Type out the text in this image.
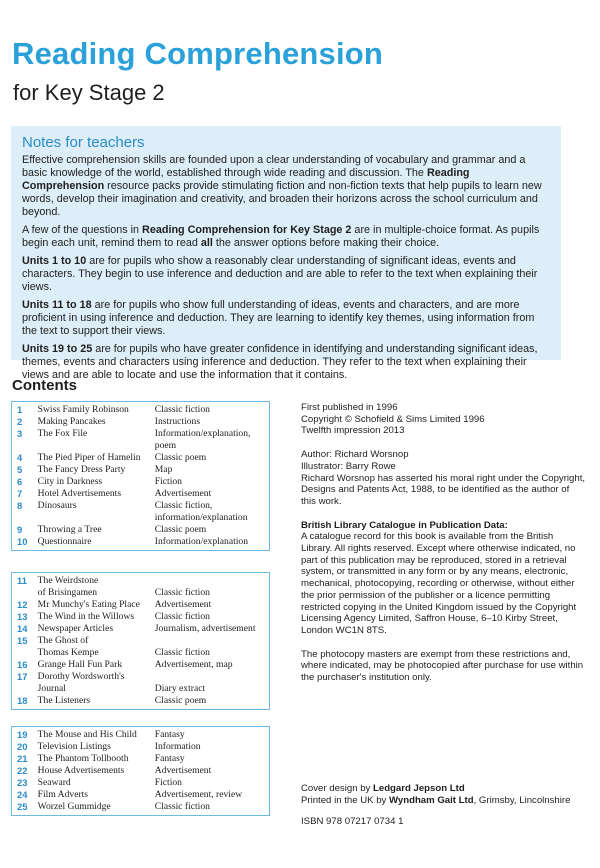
Reading Comprehension
for Key Stage 2
Notes for teachers

Effective comprehension skills are founded upon a clear understanding of vocabulary and grammar and a basic knowledge of the world, established through wide reading and discussion. The Reading Comprehension resource packs provide stimulating fiction and non-fiction texts that help pupils to learn new words, develop their imagination and creativity, and broaden their horizons across the school curriculum and beyond.

A few of the questions in Reading Comprehension for Key Stage 2 are in multiple-choice format. As pupils begin each unit, remind them to read all the answer options before making their choice.

Units 1 to 10 are for pupils who show a reasonably clear understanding of significant ideas, events and characters. They begin to use inference and deduction and are able to refer to the text when explaining their views.

Units 11 to 18 are for pupils who show full understanding of ideas, events and characters, and are more proficient in using inference and deduction. They are learning to identify key themes, using information from the text to support their views.

Units 19 to 25 are for pupils who have greater confidence in identifying and understanding significant ideas, themes, events and characters using inference and deduction. They refer to the text when explaining their views and are able to locate and use the information that it contains.

Contents
1	Swiss Family Robinson	Classic fiction
2	Making Pancakes	Instructions
3	The Fox File	Information/explanation,
poem
4	The Pied Piper of Hamelin	Classic poem
5	The Fancy Dress Party	Map
6	City in Darkness	Fiction
7	Hotel Advertisements	Advertisement
8	Dinosaurs	Classic fiction,
information/explanation
9	Throwing a Tree	Classic poem
10	Questionnaire	Information/explanation
11	The Weirdstone
of Brisingamen	Classic fiction
12	Mr Munchy's Eating Place	Advertisement
13	The Wind in the Willows	Classic fiction
14	Newspaper Articles	Journalism, advertisement
15	The Ghost of
Thomas Kempe	Classic fiction
16	Grange Hall Fun Park	Advertisement, map
17	Dorothy Wordsworth's
Journal	Diary extract
18	The Listeners	Classic poem
19	The Mouse and His Child	Fantasy
20	Television Listings	Information
21	The Phantom Tollbooth	Fantasy
22	House Advertisements	Advertisement
23	Seaward	Fiction
24	Film Adverts	Advertisement, review
25	Worzel Gummidge	Classic fiction

First published in 1996

Copyright © Schofield & Sims Limited 1996

Twelfth impression 2013

Author: Richard Worsnop

Illustrator: Barry Rowe

Richard Worsnop has asserted his moral right under the Copyright, Designs and Patents Act, 1988, to be identified as the author of this work.

British Library Catalogue in Publication Data:

A catalogue record for this book is available from the British Library. All rights reserved. Except where otherwise indicated, no part of this publication may be reproduced, stored in a retrieval system, or transmitted in any form or by any means, electronic, mechanical, photocopying, recording or otherwise, without either the prior permission of the publisher or a licence permitting restricted copying in the United Kingdom issued by the Copyright Licensing Agency Limited, Saffron House, 6–10 Kirby Street, London WC1N 8TS.

The photocopy masters are exempt from these restrictions and, where indicated, may be photocopied after purchase for use within the purchaser's institution only.

Cover design by Ledgard Jepson Ltd

Printed in the UK by Wyndham Gait Ltd, Grimsby, Lincolnshire

ISBN 978 07217 0734 1
